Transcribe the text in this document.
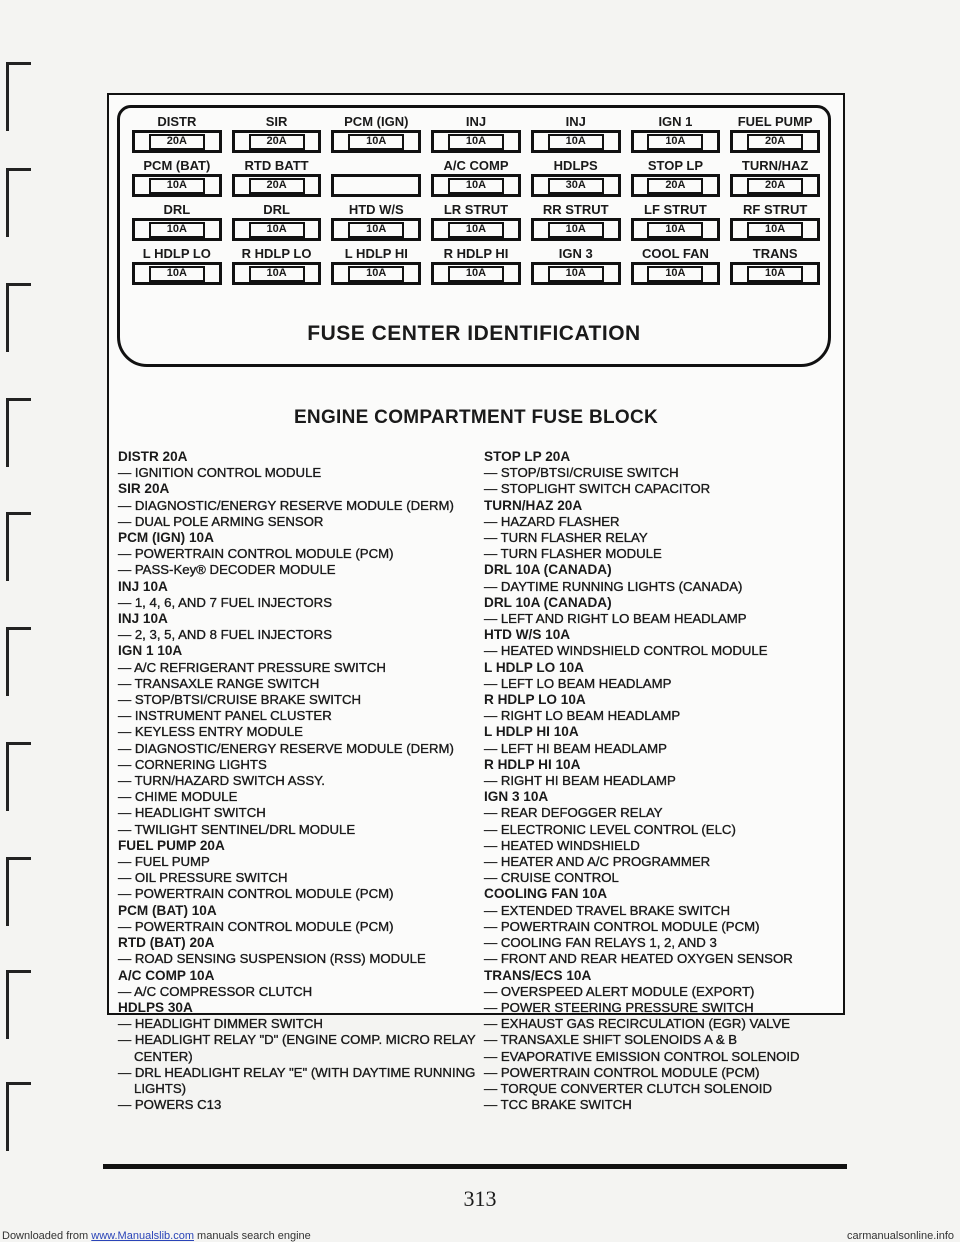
DISTR
20A
SIR
20A
PCM (IGN)
10A
INJ
10A
INJ
10A
IGN 1
10A
FUEL PUMP
20A
PCM (BAT)
10A
RTD BATT
20A
A/C COMP
10A
HDLPS
30A
STOP LP
20A
TURN/HAZ
20A
DRL
10A
DRL
10A
HTD W/S
10A
LR STRUT
10A
RR STRUT
10A
LF STRUT
10A
RF STRUT
10A
L HDLP LO
10A
R HDLP LO
10A
L HDLP HI
10A
R HDLP HI
10A
IGN 3
10A
COOL FAN
10A
TRANS
10A
FUSE CENTER IDENTIFICATION
ENGINE COMPARTMENT FUSE BLOCK
DISTR 20A
— IGNITION CONTROL MODULE
SIR 20A
— DIAGNOSTIC/ENERGY RESERVE MODULE (DERM)
— DUAL POLE ARMING SENSOR
PCM (IGN) 10A
— POWERTRAIN CONTROL MODULE (PCM)
— PASS-Key® DECODER MODULE
INJ 10A
— 1, 4, 6, AND 7 FUEL INJECTORS
INJ 10A
— 2, 3, 5, AND 8 FUEL INJECTORS
IGN 1 10A
— A/C REFRIGERANT PRESSURE SWITCH
— TRANSAXLE RANGE SWITCH
— STOP/BTSI/CRUISE BRAKE SWITCH
— INSTRUMENT PANEL CLUSTER
— KEYLESS ENTRY MODULE
— DIAGNOSTIC/ENERGY RESERVE MODULE (DERM)
— CORNERING LIGHTS
— TURN/HAZARD SWITCH ASSY.
— CHIME MODULE
— HEADLIGHT SWITCH
— TWILIGHT SENTINEL/DRL MODULE
FUEL PUMP 20A
— FUEL PUMP
— OIL PRESSURE SWITCH
— POWERTRAIN CONTROL MODULE (PCM)
PCM (BAT) 10A
— POWERTRAIN CONTROL MODULE (PCM)
RTD (BAT) 20A
— ROAD SENSING SUSPENSION (RSS) MODULE
A/C COMP 10A
— A/C COMPRESSOR CLUTCH
HDLPS 30A
— HEADLIGHT DIMMER SWITCH
— HEADLIGHT RELAY "D" (ENGINE COMP. MICRO RELAY CENTER)
— DRL HEADLIGHT RELAY "E" (WITH DAYTIME RUNNING LIGHTS)
— POWERS C13
STOP LP 20A
— STOP/BTSI/CRUISE SWITCH
— STOPLIGHT SWITCH CAPACITOR
TURN/HAZ 20A
— HAZARD FLASHER
— TURN FLASHER RELAY
— TURN FLASHER MODULE
DRL 10A (CANADA)
— DAYTIME RUNNING LIGHTS (CANADA)
DRL 10A (CANADA)
— LEFT AND RIGHT LO BEAM HEADLAMP
HTD W/S 10A
— HEATED WINDSHIELD CONTROL MODULE
L HDLP LO 10A
— LEFT LO BEAM HEADLAMP
R HDLP LO 10A
— RIGHT LO BEAM HEADLAMP
L HDLP HI 10A
— LEFT HI BEAM HEADLAMP
R HDLP HI 10A
— RIGHT HI BEAM HEADLAMP
IGN 3 10A
— REAR DEFOGGER RELAY
— ELECTRONIC LEVEL CONTROL (ELC)
— HEATED WINDSHIELD
— HEATER AND A/C PROGRAMMER
— CRUISE CONTROL
COOLING FAN 10A
— EXTENDED TRAVEL BRAKE SWITCH
— POWERTRAIN CONTROL MODULE (PCM)
— COOLING FAN RELAYS 1, 2, AND 3
— FRONT AND REAR HEATED OXYGEN SENSOR
TRANS/ECS 10A
— OVERSPEED ALERT MODULE (EXPORT)
— POWER STEERING PRESSURE SWITCH
— EXHAUST GAS RECIRCULATION (EGR) VALVE
— TRANSAXLE SHIFT SOLENOIDS A & B
— EVAPORATIVE EMISSION CONTROL SOLENOID
— POWERTRAIN CONTROL MODULE (PCM)
— TORQUE CONVERTER CLUTCH SOLENOID
— TCC BRAKE SWITCH
313
Downloaded from www.Manualslib.com manuals search engine	carmanualsonline.info
